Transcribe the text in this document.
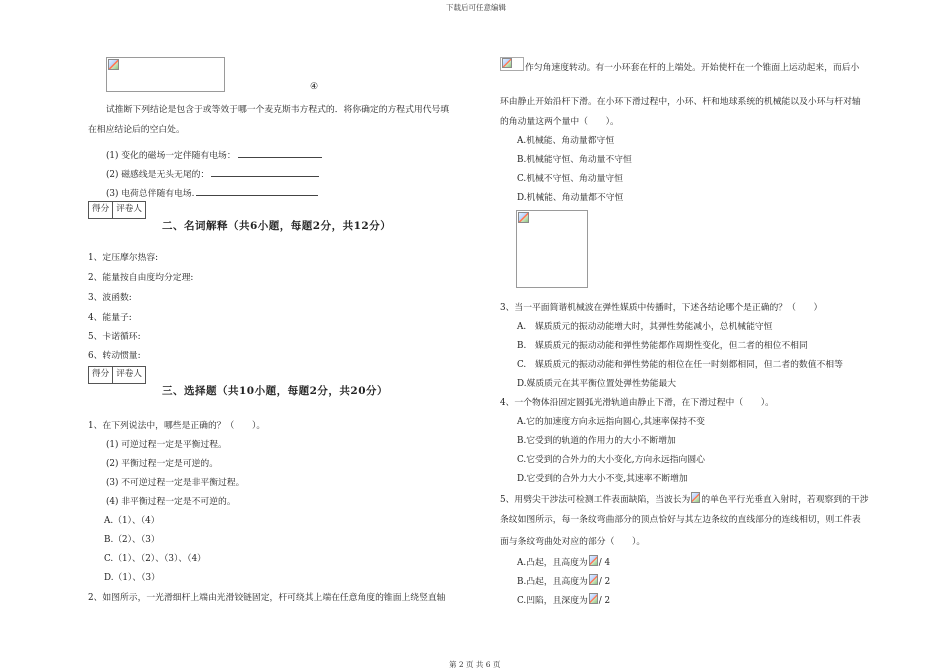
下载后可任意编辑
第 2 页 共 6 页
④
试推断下列结论是包含于或等效于哪一个麦克斯韦方程式的．将你确定的方程式用代号填
在相应结论后的空白处。
(1) 变化的磁场一定伴随有电场：
(2) 磁感线是无头无尾的：
(3) 电荷总伴随有电场.
得分 评卷人
二、名词解释（共6小题，每题2分，共12分）
1、定压摩尔热容:
2、能量按自由度均分定理:
3、波函数:
4、能量子:
5、卡诺循环:
6、转动惯量:
得分 评卷人
三、选择题（共10小题，每题2分，共20分）
1、在下列说法中，哪些是正确的？（　　）。
(1) 可逆过程一定是平衡过程。
(2) 平衡过程一定是可逆的。
(3) 不可逆过程一定是非平衡过程。
(4) 非平衡过程一定是不可逆的。
A.（1）、（4）
B.（2）、（3）
C.（1）、（2）、（3）、（4）
D.（1）、（3）
2、如图所示，一光滑细杆上端由光滑铰链固定，杆可绕其上端在任意角度的锥面上绕竖直轴
作匀角速度转动。有一小环套在杆的上端处。开始使杆在一个锥面上运动起来，而后小
环由静止开始沿杆下滑。在小环下滑过程中，小环、杆和地球系统的机械能以及小环与杆对轴
的角动量这两个量中（　　）。
A.机械能、角动量都守恒
B.机械能守恒、角动量不守恒
C.机械不守恒、角动量守恒
D.机械能、角动量都不守恒
3、当一平面简谐机械波在弹性媒质中传播时，下述各结论哪个是正确的？（　　）
A.　媒质质元的振动动能增大时，其弹性势能减小，总机械能守恒
B.　媒质质元的振动动能和弹性势能都作周期性变化，但二者的相位不相同
C.　媒质质元的振动动能和弹性势能的相位在任一时刻都相同，但二者的数值不相等
D.媒质质元在其平衡位置处弹性势能最大
4、一个物体沿固定圆弧光滑轨道由静止下滑，在下滑过程中（　　）。
A.它的加速度方向永远指向圆心,其速率保持不变
B.它受到的轨道的作用力的大小不断增加
C.它受到的合外力的大小变化,方向永远指向圆心
D.它受到的合外力大小不变,其速率不断增加
5、用劈尖干涉法可检测工件表面缺陷，当波长为 的单色平行光垂直入射时，若观察到的干涉
条纹如图所示，每一条纹弯曲部分的顶点恰好与其左边条纹的直线部分的连线相切，则工件表
面与条纹弯曲处对应的部分（　　）。
A.凸起，且高度为 / 4
B.凸起，且高度为 / 2
C.凹陷，且深度为 / 2
